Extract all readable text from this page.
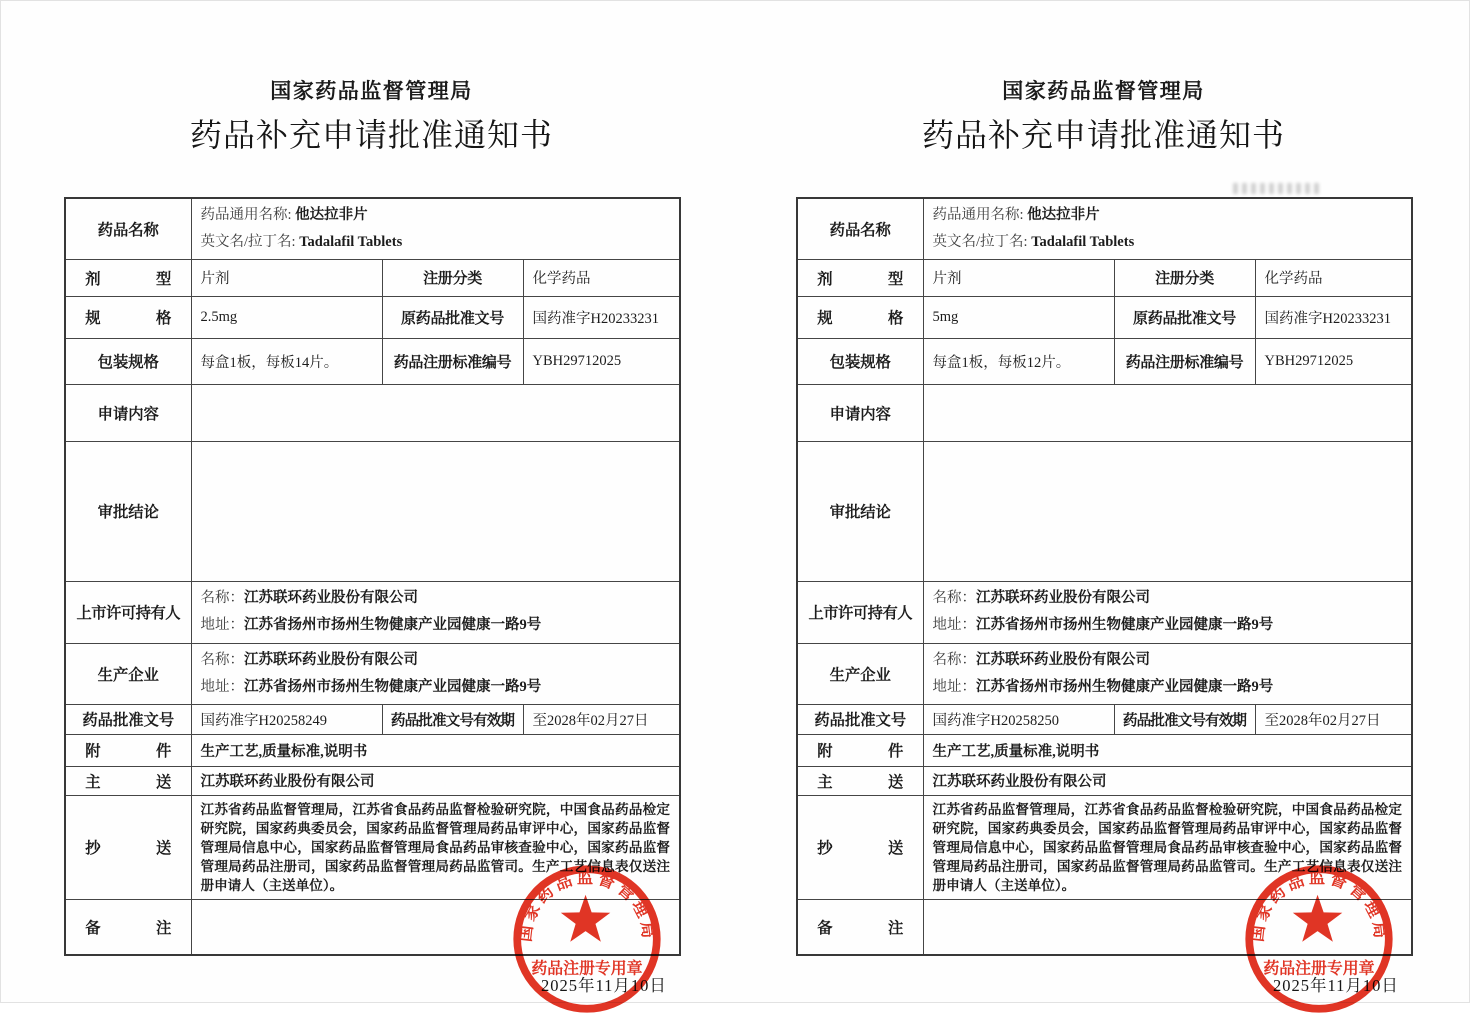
国家药品监督管理局
药品补充申请批准通知书
药品名称	药品通用名称: 他达拉非片
英文名/拉丁名: Tadalafil Tablets		

剂型	片剂	注册分类	化学药品
规格	2.5mg	原药品批准文号	国药准字H20233231
包装规格	每盒1板，每板14片。	药品注册标准编号	YBH29712025
申请内容			
审批结论			
上市许可持有人	名称：江苏联环药业股份有限公司
地址：江苏省扬州市扬州生物健康产业园健康一路9号		

生产企业	名称：江苏联环药业股份有限公司
地址：江苏省扬州市扬州生物健康产业园健康一路9号		

药品批准文号	国药准字H20258249	药品批准文号有效期	至2028年02月27日
附件	生产工艺,质量标准,说明书		
主送	江苏联环药业股份有限公司		
抄送	江苏省药品监督管理局，江苏省食品药品监督检验研究院，中国食品药品检定研究院，国家药典委员会，国家药品监督管理局药品审评中心，国家药品监督管理局信息中心，国家药品监督管理局食品药品审核查验中心，国家药品监督管理局药品注册司，国家药品监督管理局药品监管司。生产工艺信息表仅送注册申请人（主送单位）。		
备注			
2025年11月10日
国家药品监督管理局
药品注册专用章
国家药品监督管理局
药品补充申请批准通知书
药品名称	药品通用名称: 他达拉非片
英文名/拉丁名: Tadalafil Tablets		

剂型	片剂	注册分类	化学药品
规格	5mg	原药品批准文号	国药准字H20233231
包装规格	每盒1板，每板12片。	药品注册标准编号	YBH29712025
申请内容			
审批结论			
上市许可持有人	名称：江苏联环药业股份有限公司
地址：江苏省扬州市扬州生物健康产业园健康一路9号		

生产企业	名称：江苏联环药业股份有限公司
地址：江苏省扬州市扬州生物健康产业园健康一路9号		

药品批准文号	国药准字H20258250	药品批准文号有效期	至2028年02月27日
附件	生产工艺,质量标准,说明书		
主送	江苏联环药业股份有限公司		
抄送	江苏省药品监督管理局，江苏省食品药品监督检验研究院，中国食品药品检定研究院，国家药典委员会，国家药品监督管理局药品审评中心，国家药品监督管理局信息中心，国家药品监督管理局食品药品审核查验中心，国家药品监督管理局药品注册司，国家药品监督管理局药品监管司。生产工艺信息表仅送注册申请人（主送单位）。		
备注			
2025年11月10日
国家药品监督管理局
药品注册专用章
